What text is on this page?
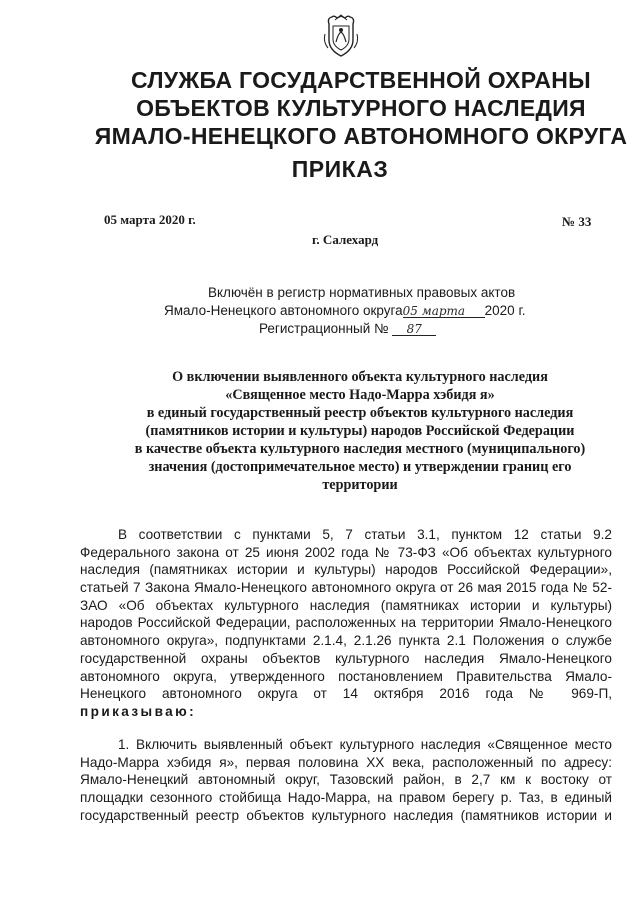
СЛУЖБА ГОСУДАРСТВЕННОЙ ОХРАНЫ
ОБЪЕКТОВ КУЛЬТУРНОГО НАСЛЕДИЯ
ЯМАЛО-НЕНЕЦКОГО АВТОНОМНОГО ОКРУГА
ПРИКАЗ
05 марта 2020 г.	№ 33
г. Салехард
Включён в регистр нормативных правовых актов
Ямало-Ненецкого автономного округа05 марта 2020 г.
Регистрационный № 87
О включении выявленного объекта культурного наследия
«Священное место Надо-Марра хэбидя я»
в единый государственный реестр объектов культурного наследия
(памятников истории и культуры) народов Российской Федерации
в качестве объекта культурного наследия местного (муниципального)
значения (достопримечательное место) и утверждении границ его
территории
В соответствии с пунктами 5, 7 статьи 3.1, пунктом 12 статьи 9.2
Федерального закона от 25 июня 2002 года № 73-ФЗ «Об объектах культурного
наследия (памятниках истории и культуры) народов Российской Федерации»,
статьей 7 Закона Ямало-Ненецкого автономного округа от 26 мая 2015 года № 52-
ЗАО «Об объектах культурного наследия (памятниках истории и культуры)
народов Российской Федерации, расположенных на территории Ямало-Ненецкого
автономного округа», подпунктами 2.1.4, 2.1.26 пункта 2.1 Положения о службе
государственной охраны объектов культурного наследия Ямало-Ненецкого
автономного округа, утвержденного постановлением Правительства Ямало-
Ненецкого автономного округа от 14 октября 2016 года № 969-П,
приказываю:
1. Включить выявленный объект культурного наследия «Священное место
Надо-Марра хэбидя я», первая половина XX века, расположенный по адресу:
Ямало-Ненецкий автономный округ, Тазовский район, в 2,7 км к востоку от
площадки сезонного стойбища Надо-Марра, на правом берегу р. Таз, в единый
государственный реестр объектов культурного наследия (памятников истории и
